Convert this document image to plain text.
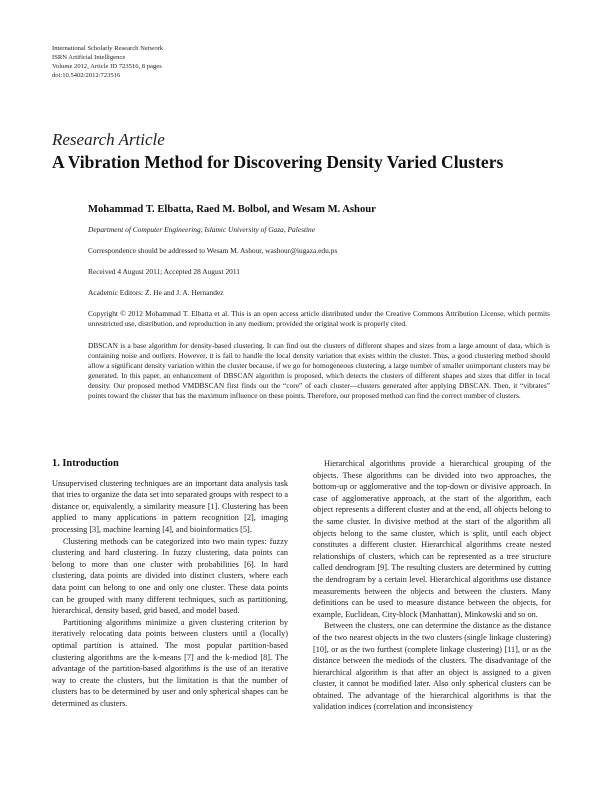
International Scholarly Research Network
ISRN Artificial Intelligence
Volume 2012, Article ID 723516, 8 pages
doi:10.5402/2012/723516
Research Article
A Vibration Method for Discovering Density Varied Clusters
Mohammad T. Elbatta, Raed M. Bolbol, and Wesam M. Ashour
Department of Computer Engineering, Islamic University of Gaza, Palestine
Correspondence should be addressed to Wesam M. Ashour, washour@iugaza.edu.ps
Received 4 August 2011; Accepted 28 August 2011
Academic Editors: Z. He and J. A. Hernandez
Copyright © 2012 Mohammad T. Elbatta et al. This is an open access article distributed under the Creative Commons Attribution License, which permits unrestricted use, distribution, and reproduction in any medium, provided the original work is properly cited.
DBSCAN is a base algorithm for density-based clustering. It can find out the clusters of different shapes and sizes from a large amount of data, which is containing noise and outliers. However, it is fail to handle the local density variation that exists within the cluster. Thus, a good clustering method should allow a significant density variation within the cluster because, if we go for homogeneous clustering, a large number of smaller unimportant clusters may be generated. In this paper, an enhancement of DBSCAN algorithm is proposed, which detects the clusters of different shapes and sizes that differ in local density. Our proposed method VMDBSCAN first finds out the “core” of each cluster—clusters generated after applying DBSCAN. Then, it “vibrates” points toward the cluster that has the maximum influence on these points. Therefore, our proposed method can find the correct number of clusters.
1. Introduction

Unsupervised clustering techniques are an important data analysis task that tries to organize the data set into separated groups with respect to a distance or, equivalently, a similarity measure [1]. Clustering has been applied to many applications in pattern recognition [2], imaging processing [3], machine learning [4], and bioinformatics [5].

Clustering methods can be categorized into two main types: fuzzy clustering and hard clustering. In fuzzy clustering, data points can belong to more than one cluster with probabilities [6]. In hard clustering, data points are divided into distinct clusters, where each data point can belong to one and only one cluster. These data points can be grouped with many different techniques, such as partitioning, hierarchical, density based, grid based, and model based.

Partitioning algorithms minimize a given clustering criterion by iteratively relocating data points between clusters until a (locally) optimal partition is attained. The most popular partition-based clustering algorithms are the k-means [7] and the k-mediod [8]. The advantage of the partition-based algorithms is the use of an iterative way to create the clusters, but the limitation is that the number of clusters has to be determined by user and only spherical shapes can be determined as clusters.

Hierarchical algorithms provide a hierarchical grouping of the objects. These algorithms can be divided into two approaches, the bottom-up or agglomerative and the top-down or divisive approach. In case of agglomerative approach, at the start of the algorithm, each object represents a different cluster and at the end, all objects belong to the same cluster. In divisive method at the start of the algorithm all objects belong to the same cluster, which is split, until each object constitutes a different cluster. Hierarchical algorithms create nested relationships of clusters, which can be represented as a tree structure called dendrogram [9]. The resulting clusters are determined by cutting the dendrogram by a certain level. Hierarchical algorithms use distance measurements between the objects and between the clusters. Many definitions can be used to measure distance between the objects, for example, Euclidean, City-block (Manhattan), Minkowski and so on.

Between the clusters, one can determine the distance as the distance of the two nearest objects in the two clusters (single linkage clustering) [10], or as the two furthest (complete linkage clustering) [11], or as the distance between the mediods of the clusters. The disadvantage of the hierarchical algorithm is that after an object is assigned to a given cluster, it cannot be modified later. Also only spherical clusters can be obtained. The advantage of the hierarchical algorithms is that the validation indices (correlation and inconsistency
